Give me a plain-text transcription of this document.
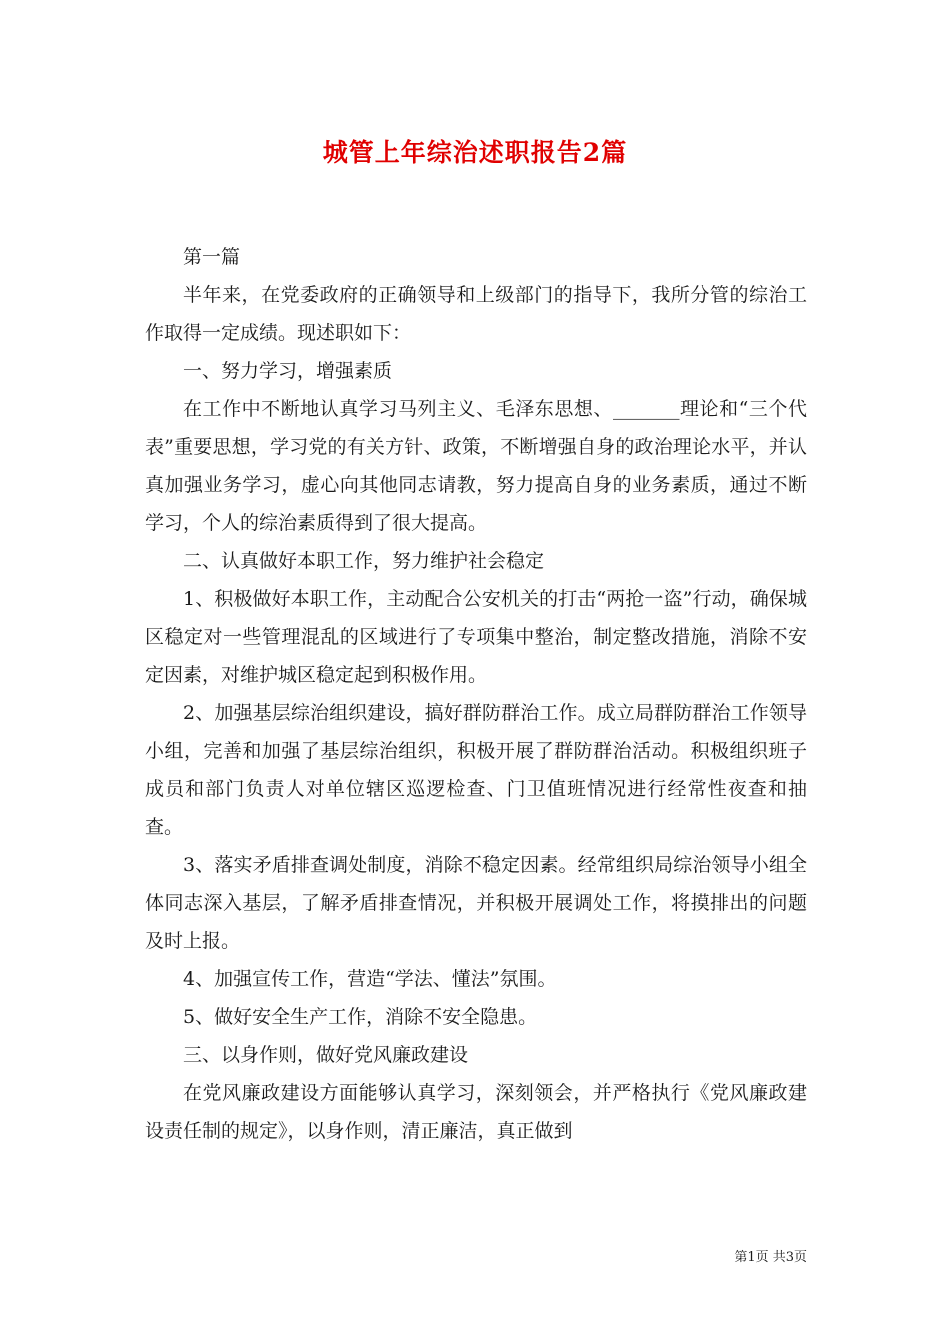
城管上年综治述职报告2篇

第一篇

半年来，在党委政府的正确领导和上级部门的指导下，我所分管的综治工作取得一定成绩。现述职如下：

一、努力学习，增强素质

在工作中不断地认真学习马列主义、毛泽东思想、_______理论和“三个代表”重要思想，学习党的有关方针、政策，不断增强自身的政治理论水平，并认真加强业务学习，虚心向其他同志请教，努力提高自身的业务素质，通过不断学习，个人的综治素质得到了很大提高。

二、认真做好本职工作，努力维护社会稳定

1、积极做好本职工作，主动配合公安机关的打击“两抢一盗”行动，确保城区稳定对一些管理混乱的区域进行了专项集中整治，制定整改措施，消除不安定因素，对维护城区稳定起到积极作用。

2、加强基层综治组织建设，搞好群防群治工作。成立局群防群治工作领导小组，完善和加强了基层综治组织，积极开展了群防群治活动。积极组织班子成员和部门负责人对单位辖区巡逻检查、门卫值班情况进行经常性夜查和抽查。

3、落实矛盾排查调处制度，消除不稳定因素。经常组织局综治领导小组全体同志深入基层，了解矛盾排查情况，并积极开展调处工作，将摸排出的问题及时上报。

4、加强宣传工作，营造“学法、懂法”氛围。

5、做好安全生产工作，消除不安全隐患。

三、以身作则，做好党风廉政建设

在党风廉政建设方面能够认真学习，深刻领会，并严格执行《党风廉政建设责任制的规定》，以身作则，清正廉洁，真正做到

第1页 共3页
